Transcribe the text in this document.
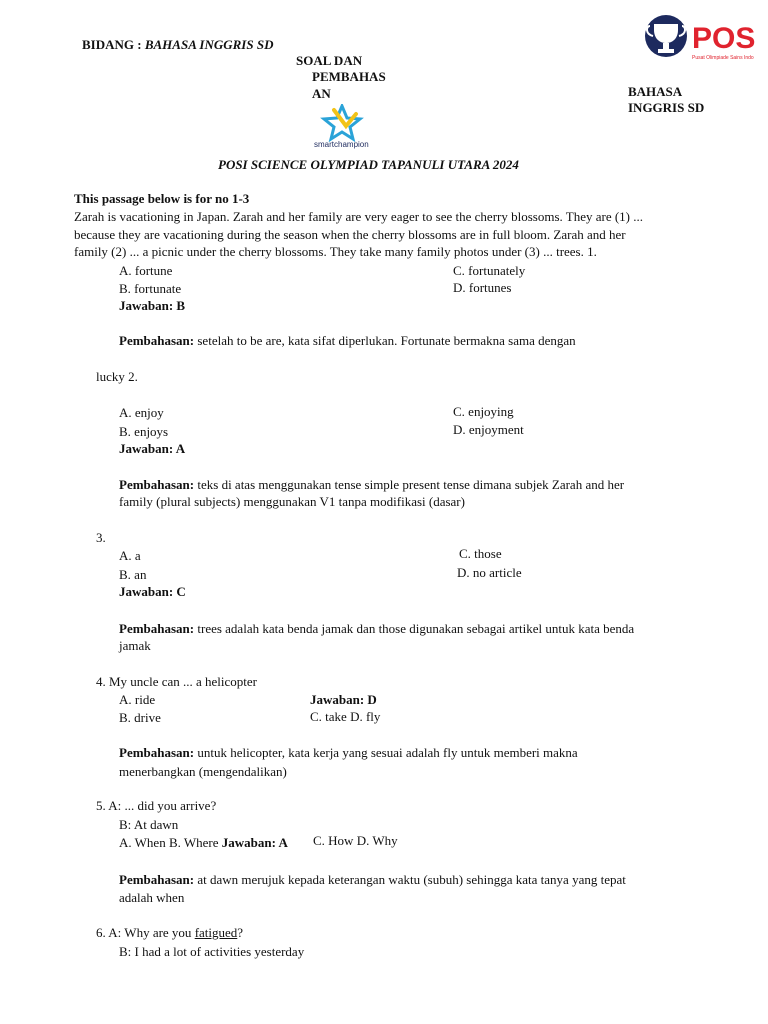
BIDANG : BAHASA INGGRIS SD
SOAL DAN
PEMBAHAS
AN
POS
Pusat Olimpiade Sains Indo
BAHASA
INGGRIS SD
smartchampion
POSI SCIENCE OLYMPIAD TAPANULI UTARA 2024
This passage below is for no 1-3
Zarah is vacationing in Japan. Zarah and her family are very eager to see the cherry blossoms. They are (1) ...
because they are vacationing during the season when the cherry blossoms are in full bloom. Zarah and her
family (2) ... a picnic under the cherry blossoms. They take many family photos under (3) ... trees. 1.
A. fortune	C. fortunately
B. fortunate	D. fortunes
Jawaban: B
Pembahasan: setelah to be are, kata sifat diperlukan. Fortunate bermakna sama dengan
lucky 2.
A. enjoy	C. enjoying
B. enjoys	D. enjoyment
Jawaban: A
Pembahasan: teks di atas menggunakan tense simple present tense dimana subjek Zarah and her
family (plural subjects) menggunakan V1 tanpa modifikasi (dasar)
3.
A. a	C. those
B. an	D. no article
Jawaban: C
Pembahasan: trees adalah kata benda jamak dan those digunakan sebagai artikel untuk kata benda
jamak
4. My uncle can ... a helicopter
A. ride	Jawaban: D
B. drive	C. take D. fly
Pembahasan: untuk helicopter, kata kerja yang sesuai adalah fly untuk memberi makna
menerbangkan (mengendalikan)
5. A: ... did you arrive?
B: At dawn
A. When B. Where Jawaban: A C. How D. Why
Pembahasan: at dawn merujuk kepada keterangan waktu (subuh) sehingga kata tanya yang tepat
adalah when
6. A: Why are you fatigued?
B: I had a lot of activities yesterday
